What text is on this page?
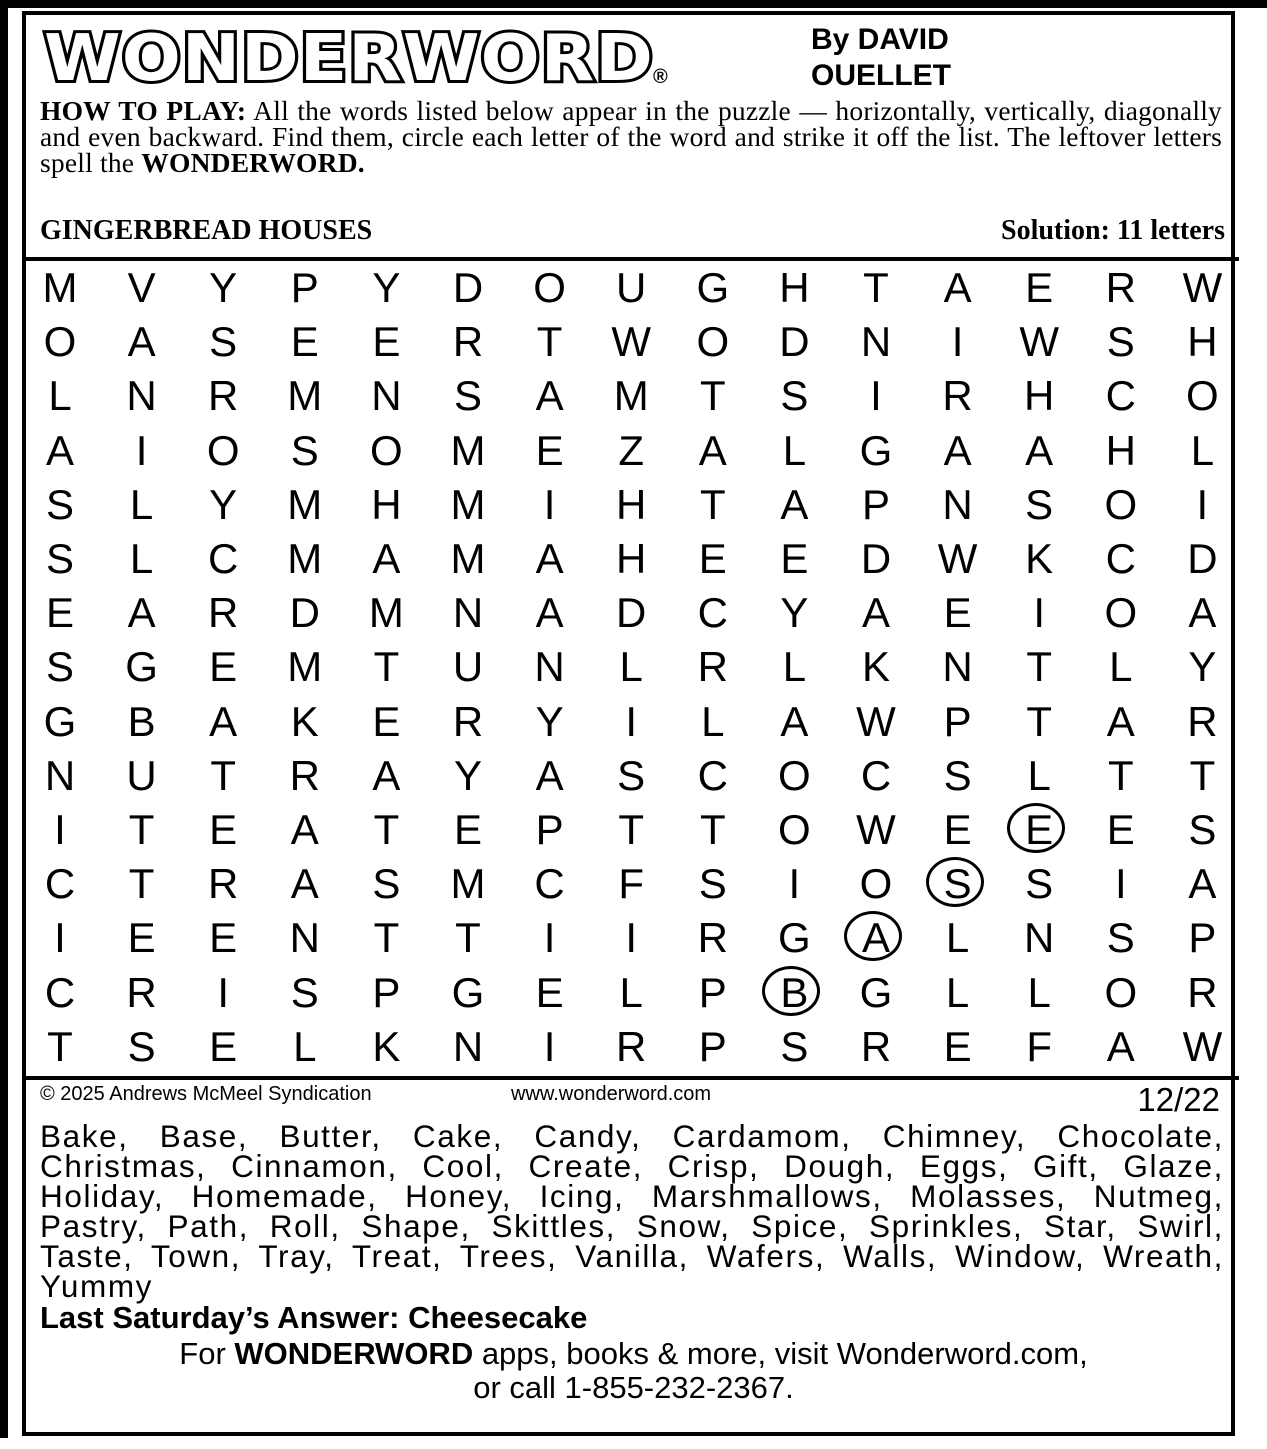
WONDERWORD ®
By DAVID OUELLET
HOW TO PLAY: All the words listed below appear in the puzzle — horizontally, vertically, diagonally and even backward. Find them, circle each letter of the word and strike it off the list. The leftover letters spell the WONDERWORD.
GINGERBREAD HOUSES	Solution: 11 letters
M	V	Y	P	Y	D	O	U	G	H	T	A	E	R	W
O	A	S	E	E	R	T	W	O	D	N	I	W	S	H
L	N	R	M	N	S	A	M	T	S	I	R	H	C	O
A	I	O	S	O	M	E	Z	A	L	G	A	A	H	L
S	L	Y	M	H	M	I	H	T	A	P	N	S	O	I
S	L	C	M	A	M	A	H	E	E	D	W	K	C	D
E	A	R	D	M	N	A	D	C	Y	A	E	I	O	A
S	G	E	M	T	U	N	L	R	L	K	N	T	L	Y
G	B	A	K	E	R	Y	I	L	A	W	P	T	A	R
N	U	T	R	A	Y	A	S	C	O	C	S	L	T	T
I	T	E	A	T	E	P	T	T	O	W	E	E	E	S
C	T	R	A	S	M	C	F	S	I	O	S	S	I	A
I	E	E	N	T	T	I	I	R	G	A	L	N	S	P
C	R	I	S	P	G	E	L	P	B	G	L	L	O	R
T	S	E	L	K	N	I	R	P	S	R	E	F	A	W
© 2025 Andrews McMeel Syndication	www.wonderword.com	12/22
Bake, Base, Butter, Cake, Candy, Cardamom, Chimney, Chocolate, Christmas, Cinnamon, Cool, Create, Crisp, Dough, Eggs, Gift, Glaze, Holiday, Homemade, Honey, Icing, Marshmallows, Molasses, Nutmeg, Pastry, Path, Roll, Shape, Skittles, Snow, Spice, Sprinkles, Star, Swirl, Taste, Town, Tray, Treat, Trees, Vanilla, Wafers, Walls, Window, Wreath, Yummy
Last Saturday’s Answer: Cheesecake
For WONDERWORD apps, books & more, visit Wonderword.com,
or call 1-855-232-2367.
